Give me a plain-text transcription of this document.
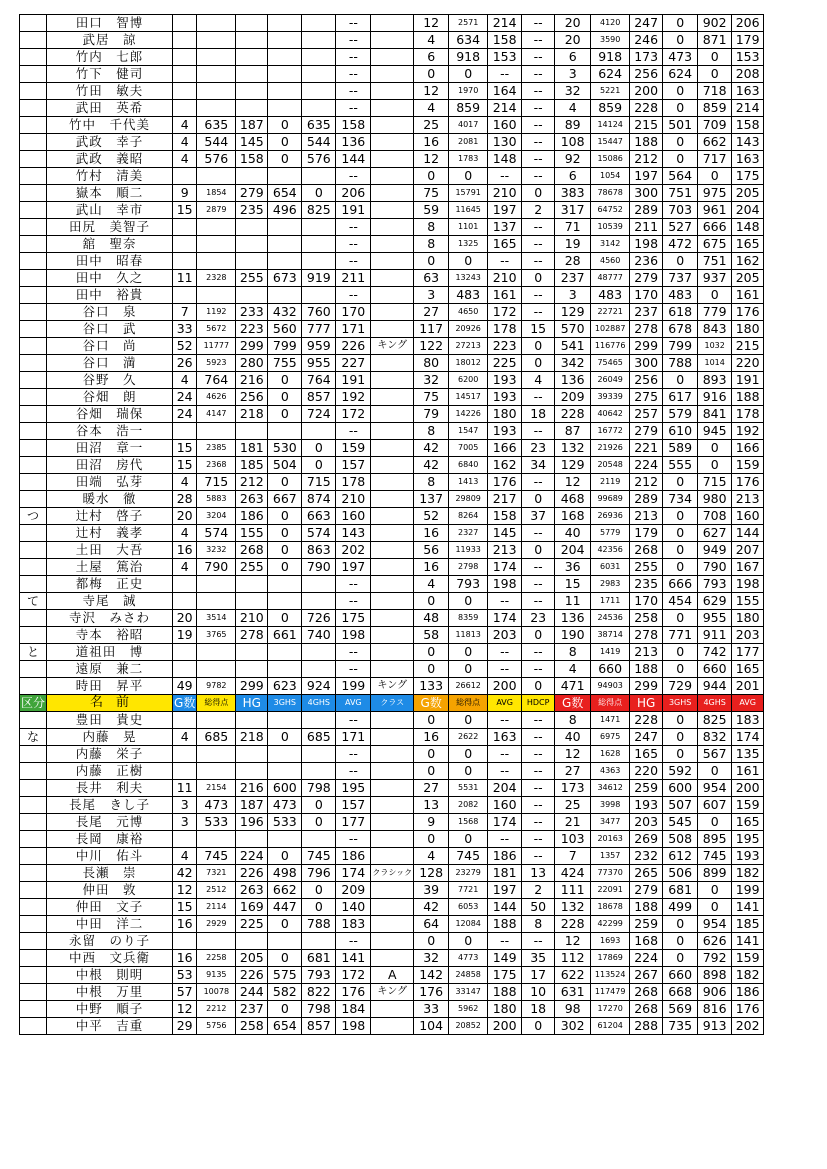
	田口　智博						--		12	2571	214	--	20	4120	247	0	902	206
	武居　諒						--		4	634	158	--	20	3590	246	0	871	179
	竹内　七郎						--		6	918	153	--	6	918	173	473	0	153
	竹下　健司						--		0	0	--	--	3	624	256	624	0	208
	竹田　敏夫						--		12	1970	164	--	32	5221	200	0	718	163
	武田　英希						--		4	859	214	--	4	859	228	0	859	214
	竹中　千代美	4	635	187	0	635	158		25	4017	160	--	89	14124	215	501	709	158
	武政　幸子	4	544	145	0	544	136		16	2081	130	--	108	15447	188	0	662	143
	武政　義昭	4	576	158	0	576	144		12	1783	148	--	92	15086	212	0	717	163
	竹村　清美						--		0	0	--	--	6	1054	197	564	0	175
	嶽本　順二	9	1854	279	654	0	206		75	15791	210	0	383	78678	300	751	975	205
	武山　幸市	15	2879	235	496	825	191		59	11645	197	2	317	64752	289	703	961	204
	田尻　美智子						--		8	1101	137	--	71	10539	211	527	666	148
	舘　聖奈						--		8	1325	165	--	19	3142	198	472	675	165
	田中　昭春						--		0	0	--	--	28	4560	236	0	751	162
	田中　久之	11	2328	255	673	919	211		63	13243	210	0	237	48777	279	737	937	205
	田中　裕貴						--		3	483	161	--	3	483	170	483	0	161
	谷口　泉	7	1192	233	432	760	170		27	4650	172	--	129	22721	237	618	779	176
	谷口　武	33	5672	223	560	777	171		117	20926	178	15	570	102887	278	678	843	180
	谷口　尚	52	11777	299	799	959	226	キング	122	27213	223	0	541	116776	299	799	1032	215
	谷口　満	26	5923	280	755	955	227		80	18012	225	0	342	75465	300	788	1014	220
	谷野　久	4	764	216	0	764	191		32	6200	193	4	136	26049	256	0	893	191
	谷畑　朗	24	4626	256	0	857	192		75	14517	193	--	209	39339	275	617	916	188
	谷畑　瑞保	24	4147	218	0	724	172		79	14226	180	18	228	40642	257	579	841	178
	谷本　浩一						--		8	1547	193	--	87	16772	279	610	945	192
	田沼　章一	15	2385	181	530	0	159		42	7005	166	23	132	21926	221	589	0	166
	田沼　房代	15	2368	185	504	0	157		42	6840	162	34	129	20548	224	555	0	159
	田端　弘芽	4	715	212	0	715	178		8	1413	176	--	12	2119	212	0	715	176
	暖水　徹	28	5883	263	667	874	210		137	29809	217	0	468	99689	289	734	980	213
つ	辻村　啓子	20	3204	186	0	663	160		52	8264	158	37	168	26936	213	0	708	160
	辻村　義孝	4	574	155	0	574	143		16	2327	145	--	40	5779	179	0	627	144
	土田　大吾	16	3232	268	0	863	202		56	11933	213	0	204	42356	268	0	949	207
	土屋　篤治	4	790	255	0	790	197		16	2798	174	--	36	6031	255	0	790	167
	都梅　正史						--		4	793	198	--	15	2983	235	666	793	198
て	寺尾　誠						--		0	0	--	--	11	1711	170	454	629	155
	寺沢　みさわ	20	3514	210	0	726	175		48	8359	174	23	136	24536	258	0	955	180
	寺本　裕昭	19	3765	278	661	740	198		58	11813	203	0	190	38714	278	771	911	203
と	道祖田　博						--		0	0	--	--	8	1419	213	0	742	177
	遠原　兼二						--		0	0	--	--	4	660	188	0	660	165
	時田　昇平	49	9782	299	623	924	199	キング	133	26612	200	0	471	94903	299	729	944	201
区分	名　前	G数	総得点	HG	3GHS	4GHS	AVG	クラス	G数	総得点	AVG	HDCP	G数	総得点	HG	3GHS	4GHS	AVG
	豊田　貴史						--		0	0	--	--	8	1471	228	0	825	183
な	内藤　晃	4	685	218	0	685	171		16	2622	163	--	40	6975	247	0	832	174
	内藤　栄子						--		0	0	--	--	12	1628	165	0	567	135
	内藤　正樹						--		0	0	--	--	27	4363	220	592	0	161
	長井　利夫	11	2154	216	600	798	195		27	5531	204	--	173	34612	259	600	954	200
	長尾　きし子	3	473	187	473	0	157		13	2082	160	--	25	3998	193	507	607	159
	長尾　元博	3	533	196	533	0	177		9	1568	174	--	21	3477	203	545	0	165
	長岡　康裕						--		0	0	--	--	103	20163	269	508	895	195
	中川　佑斗	4	745	224	0	745	186		4	745	186	--	7	1357	232	612	745	193
	長瀬　崇	42	7321	226	498	796	174	クラシック	128	23279	181	13	424	77370	265	506	899	182
	仲田　敦	12	2512	263	662	0	209		39	7721	197	2	111	22091	279	681	0	199
	仲田　文子	15	2114	169	447	0	140		42	6053	144	50	132	18678	188	499	0	141
	中田　洋二	16	2929	225	0	788	183		64	12084	188	8	228	42299	259	0	954	185
	永留　のり子						--		0	0	--	--	12	1693	168	0	626	141
	中西　文兵衛	16	2258	205	0	681	141		32	4773	149	35	112	17869	224	0	792	159
	中根　則明	53	9135	226	575	793	172	A	142	24858	175	17	622	113524	267	660	898	182
	中根　万里	57	10078	244	582	822	176	キング	176	33147	188	10	631	117479	268	668	906	186
	中野　順子	12	2212	237	0	798	184		33	5962	180	18	98	17270	268	569	816	176
	中平　吉重	29	5756	258	654	857	198		104	20852	200	0	302	61204	288	735	913	202
